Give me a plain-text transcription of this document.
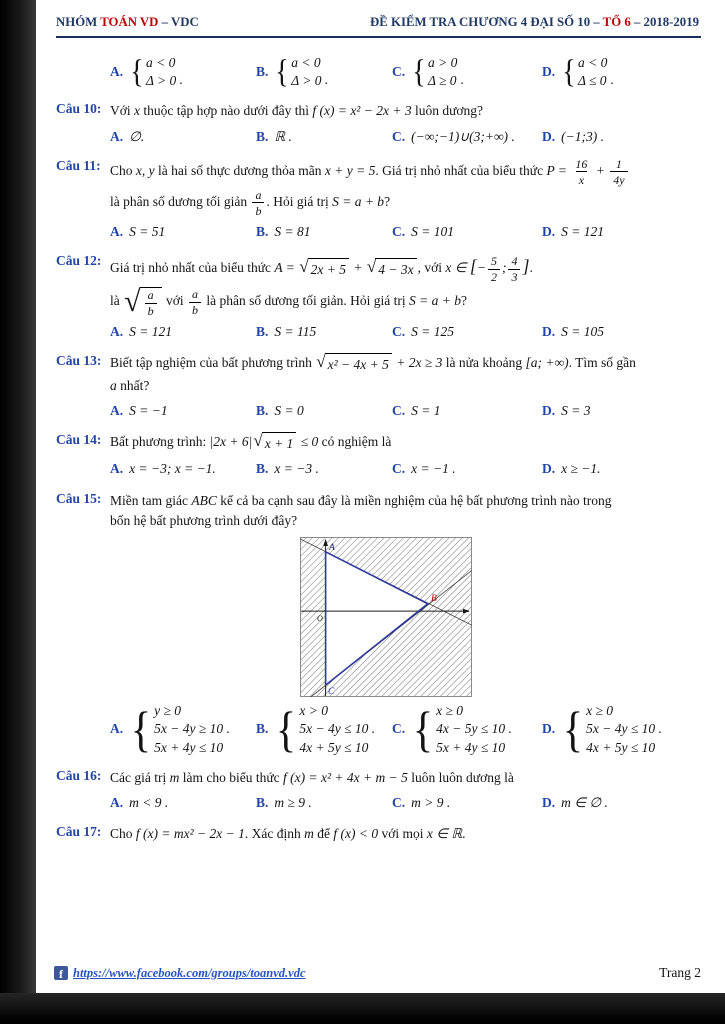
NHÓM TOÁN VD – VDC	ĐỀ KIỂM TRA CHƯƠNG 4 ĐẠI SỐ 10 – TỔ 6 – 2018-2019
A. { a < 0
Δ > 0 .
B. { a < 0
Δ > 0 .
C. { a > 0
Δ ≥ 0 .
D. { a < 0
Δ ≤ 0 .
Câu 10: Với x thuộc tập hợp nào dưới đây thì f (x) = x² − 2x + 3 luôn dương?
A. ∅.	B. ℝ .	C. (−∞;−1)∪(3;+∞) . D. (−1;3) .
Câu 11: Cho x, y là hai số thực dương thỏa mãn x + y = 5. Giá trị nhỏ nhất của biểu thức $P = \frac{16}{x} + \frac{1}{4y}$
là phân số dương tối giản $\frac{a}{b}$ . Hỏi giá trị S = a + b?
A. S = 51	B. S = 81	C. S = 101	D. S = 121
Câu 12: Giá trị nhỏ nhất của biểu thức A = √ 2x + 5 + √ 4 − 3x , với x ∈ [− $\frac{5}{2}$ ; $\frac{4}{3}$ ].
là √ $\frac{a}{b}$ với $\frac{a}{b}$ là phân số dương tối giản. Hỏi giá trị S = a + b?
A. S = 121	B. S = 115	C. S = 125	D. S = 105
Câu 13: Biết tập nghiệm của bất phương trình √ x² − 4x + 5 + 2x ≥ 3 là nửa khoảng [a; +∞). Tìm số gần
a nhất?
A. S = −1	B. S = 0	C. S = 1	D. S = 3
Câu 14: Bất phương trình: |2x + 6| √ x + 1 ≤ 0 có nghiệm là
A. x = −3; x = −1.	B. x = −3 .	C. x = −1 .	D. x ≥ −1.
Câu 15: Miền tam giác ABC kể cả ba cạnh sau đây là miền nghiệm của hệ bất phương trình nào trong
bốn hệ bất phương trình dưới đây?
A
B
C
O
A. { y ≥ 0
5x − 4y ≥ 10 .
5x + 4y ≤ 10
B. { x > 0
5x − 4y ≤ 10 .
4x + 5y ≤ 10
C. { x ≥ 0
4x − 5y ≤ 10 .
5x + 4y ≤ 10
D. { x ≥ 0
5x − 4y ≤ 10 .
4x + 5y ≤ 10
Câu 16: Các giá trị m làm cho biểu thức f (x) = x² + 4x + m − 5 luôn luôn dương là
A. m < 9 .	B. m ≥ 9 .	C. m > 9 .	D. m ∈ ∅ .
Câu 17: Cho f (x) = mx² − 2x − 1. Xác định m để f (x) < 0 với mọi x ∈ ℝ.
f https://www.facebook.com/groups/toanvd.vdc	Trang 2
